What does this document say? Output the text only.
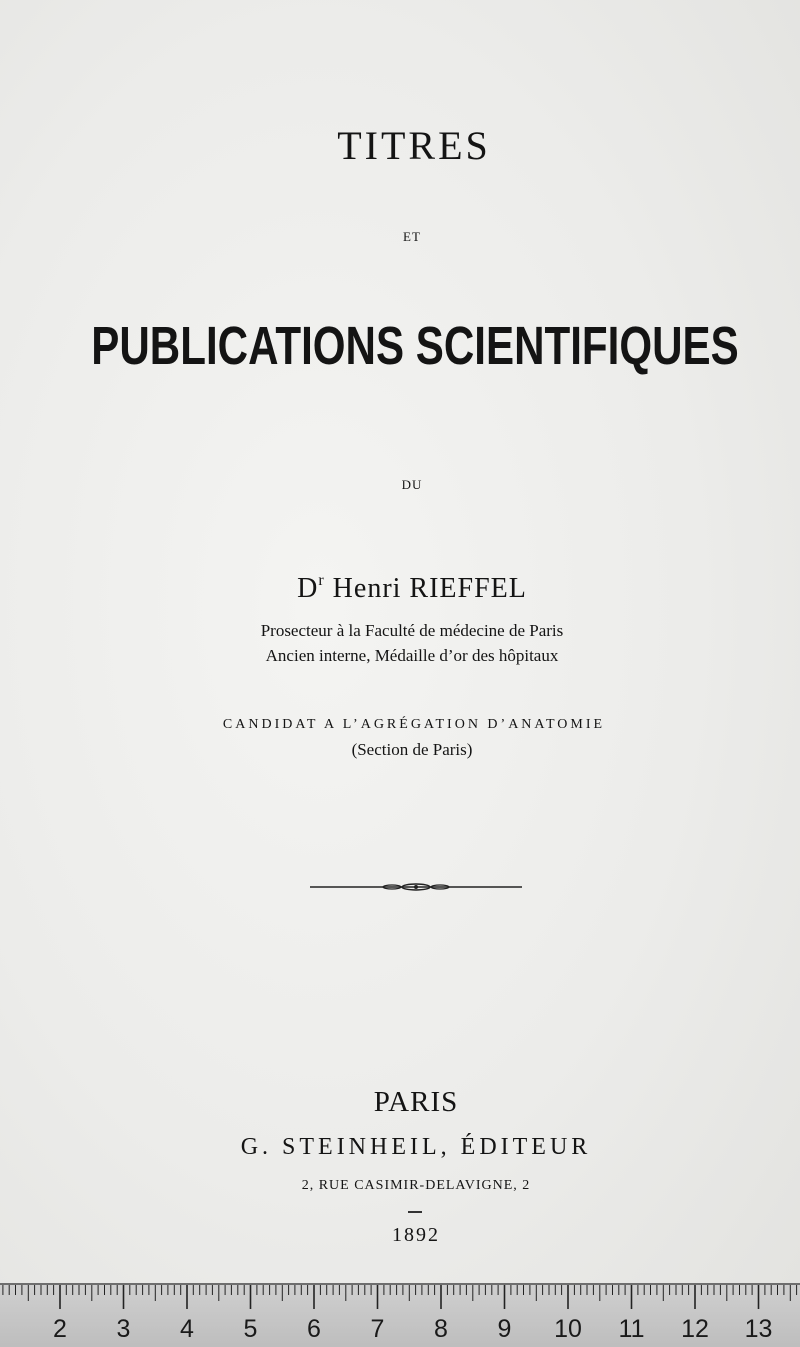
TITRES
ET
PUBLICATIONS SCIENTIFIQUES
DU
$D^r$ Henri RIEFFEL
Prosecteur à la Faculté de médecine de Paris
Ancien interne, Médaille d’or des hôpitaux
CANDIDAT A L’AGRÉGATION D’ANATOMIE
(Section de Paris)
PARIS
G. STEINHEIL, ÉDITEUR
2, RUE CASIMIR-DELAVIGNE, 2
1892
2 3 4 5 6 7 8 9 10 11 12 13
